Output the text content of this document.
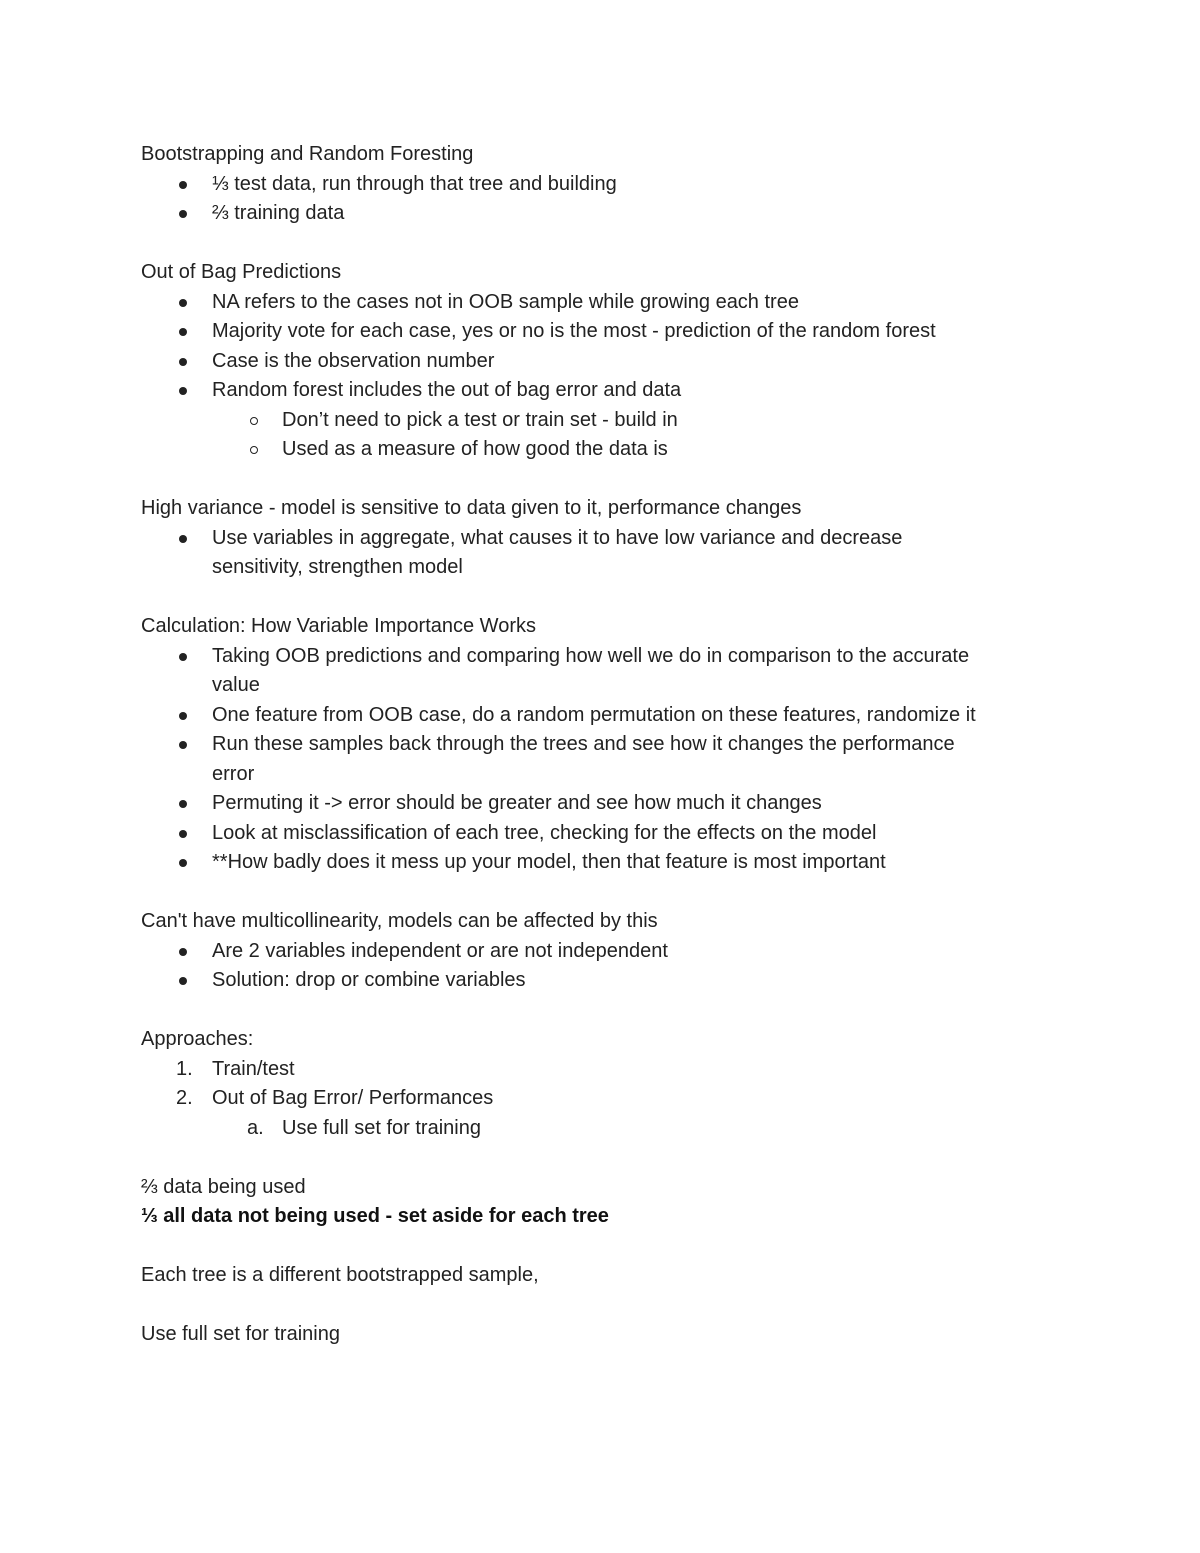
Bootstrapping and Random Foresting

⅓ test data, run through that tree and building
⅔ training data

Out of Bag Predictions

NA refers to the cases not in OOB sample while growing each tree
Majority vote for each case, yes or no is the most - prediction of the random forest
Case is the observation number
Random forest includes the out of bag error and data
Don’t need to pick a test or train set - build in
Used as a measure of how good the data is

High variance - model is sensitive to data given to it, performance changes

Use variables in aggregate, what causes it to have low variance and decrease
sensitivity, strengthen model

Calculation: How Variable Importance Works

Taking OOB predictions and comparing how well we do in comparison to the accurate
value
One feature from OOB case, do a random permutation on these features, randomize it
Run these samples back through the trees and see how it changes the performance
error
Permuting it -> error should be greater and see how much it changes
Look at misclassification of each tree, checking for the effects on the model
**How badly does it mess up your model, then that feature is most important

Can't have multicollinearity, models can be affected by this

Are 2 variables independent or are not independent
Solution: drop or combine variables

Approaches:

1. Train/test
2. Out of Bag Error/ Performances
a. Use full set for training

⅔ data being used

⅓ all data not being used - set aside for each tree

Each tree is a different bootstrapped sample,

Use full set for training
